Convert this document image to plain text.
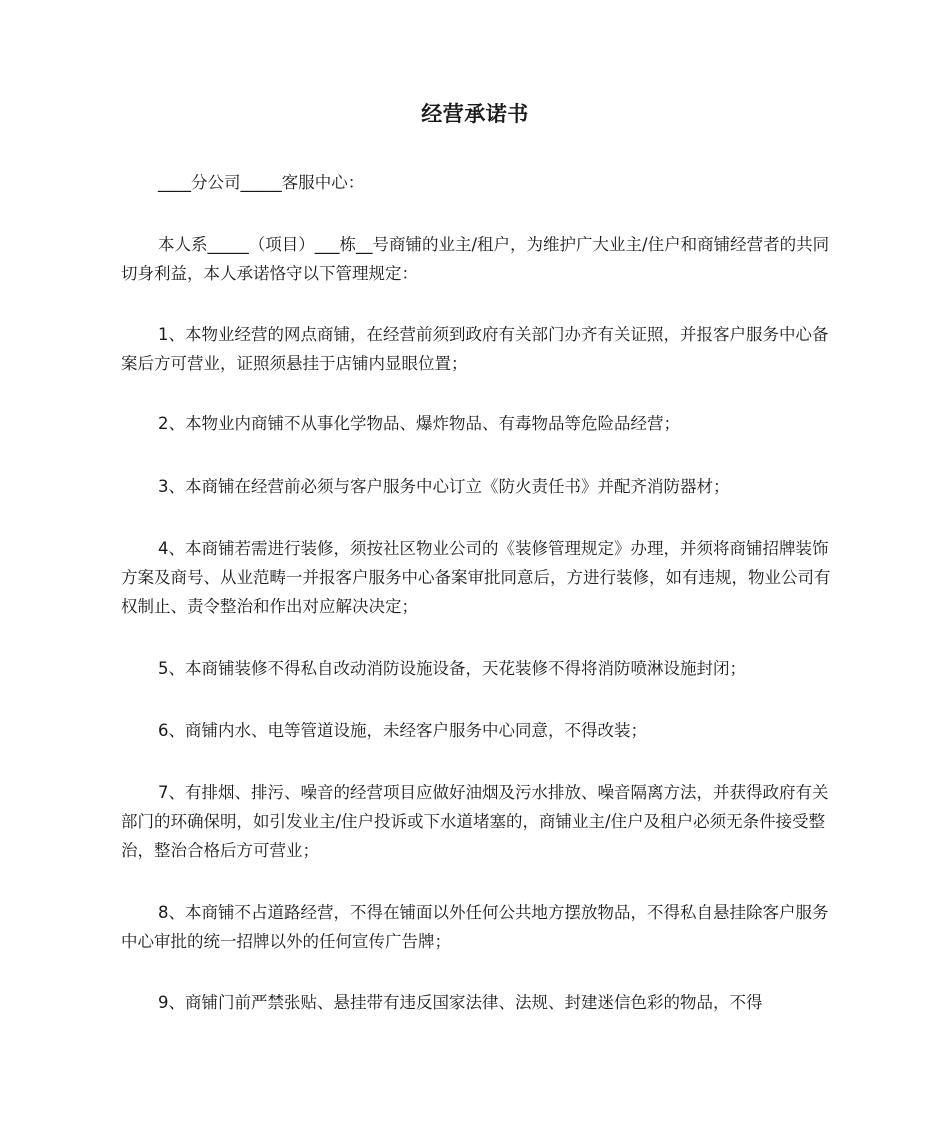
经营承诺书

____分公司_____客服中心：

本人系_____（项目）___栋__号商铺的业主/租户，为维护广大业主/住户和商铺经营者的共同切身利益，本人承诺恪守以下管理规定：

1、本物业经营的网点商铺，在经营前须到政府有关部门办齐有关证照，并报客户服务中心备案后方可营业，证照须悬挂于店铺内显眼位置；

2、本物业内商铺不从事化学物品、爆炸物品、有毒物品等危险品经营；

3、本商铺在经营前必须与客户服务中心订立《防火责任书》并配齐消防器材；

4、本商铺若需进行装修，须按社区物业公司的《装修管理规定》办理，并须将商铺招牌装饰方案及商号、从业范畴一并报客户服务中心备案审批同意后，方进行装修，如有违规，物业公司有权制止、责令整治和作出对应解决决定；

5、本商铺装修不得私自改动消防设施设备，天花装修不得将消防喷淋设施封闭；

6、商铺内水、电等管道设施，未经客户服务中心同意，不得改装；

7、有排烟、排污、噪音的经营项目应做好油烟及污水排放、噪音隔离方法，并获得政府有关部门的环确保明，如引发业主/住户投诉或下水道堵塞的，商铺业主/住户及租户必须无条件接受整治，整治合格后方可营业；

8、本商铺不占道路经营，不得在铺面以外任何公共地方摆放物品，不得私自悬挂除客户服务中心审批的统一招牌以外的任何宣传广告牌；

9、商铺门前严禁张贴、悬挂带有违反国家法律、法规、封建迷信色彩的物品，不得
